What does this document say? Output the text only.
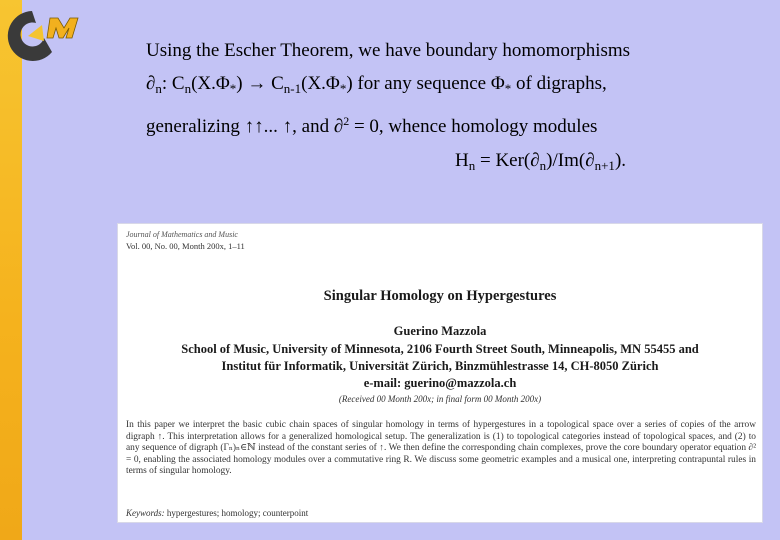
Using the Escher Theorem, we have boundary homomorphisms
$\partial_n$: $C_n(X.\Phi_*) \to C_{n-1}(X.\Phi_*)$ for any sequence $\Phi_*$ of digraphs,
generalizing ↑↑... ↑, and ∂$^2$ = 0, whence homology modules
$H_n = Ker(\partial_n)/Im(\partial_{n+1})$.
Journal of Mathematics and Music
Vol. 00, No. 00, Month 200x, 1–11
Singular Homology on Hypergestures
Guerino Mazzola
School of Music, University of Minnesota, 2106 Fourth Street South, Minneapolis, MN 55455 and
Institut für Informatik, Universität Zürich, Binzmühlestrasse 14, CH-8050 Zürich
e-mail: guerino@mazzola.ch
(Received 00 Month 200x; in final form 00 Month 200x)
In this paper we interpret the basic cubic chain spaces of singular homology in terms of hypergestures in a topological space over a series of copies of the arrow digraph ↑. This interpretation allows for a generalized homological setup. The generalization is (1) to topological categories instead of topological spaces, and (2) to any sequence of digraph (Γₙ)ₙ∈ℕ instead of the constant series of ↑. We then define the corresponding chain complexes, prove the core boundary operator equation ∂² = 0, enabling the associated homology modules over a commutative ring R. We discuss some geometric examples and a musical one, interpreting contrapuntal rules in terms of singular homology.
Keywords: hypergestures; homology; counterpoint
